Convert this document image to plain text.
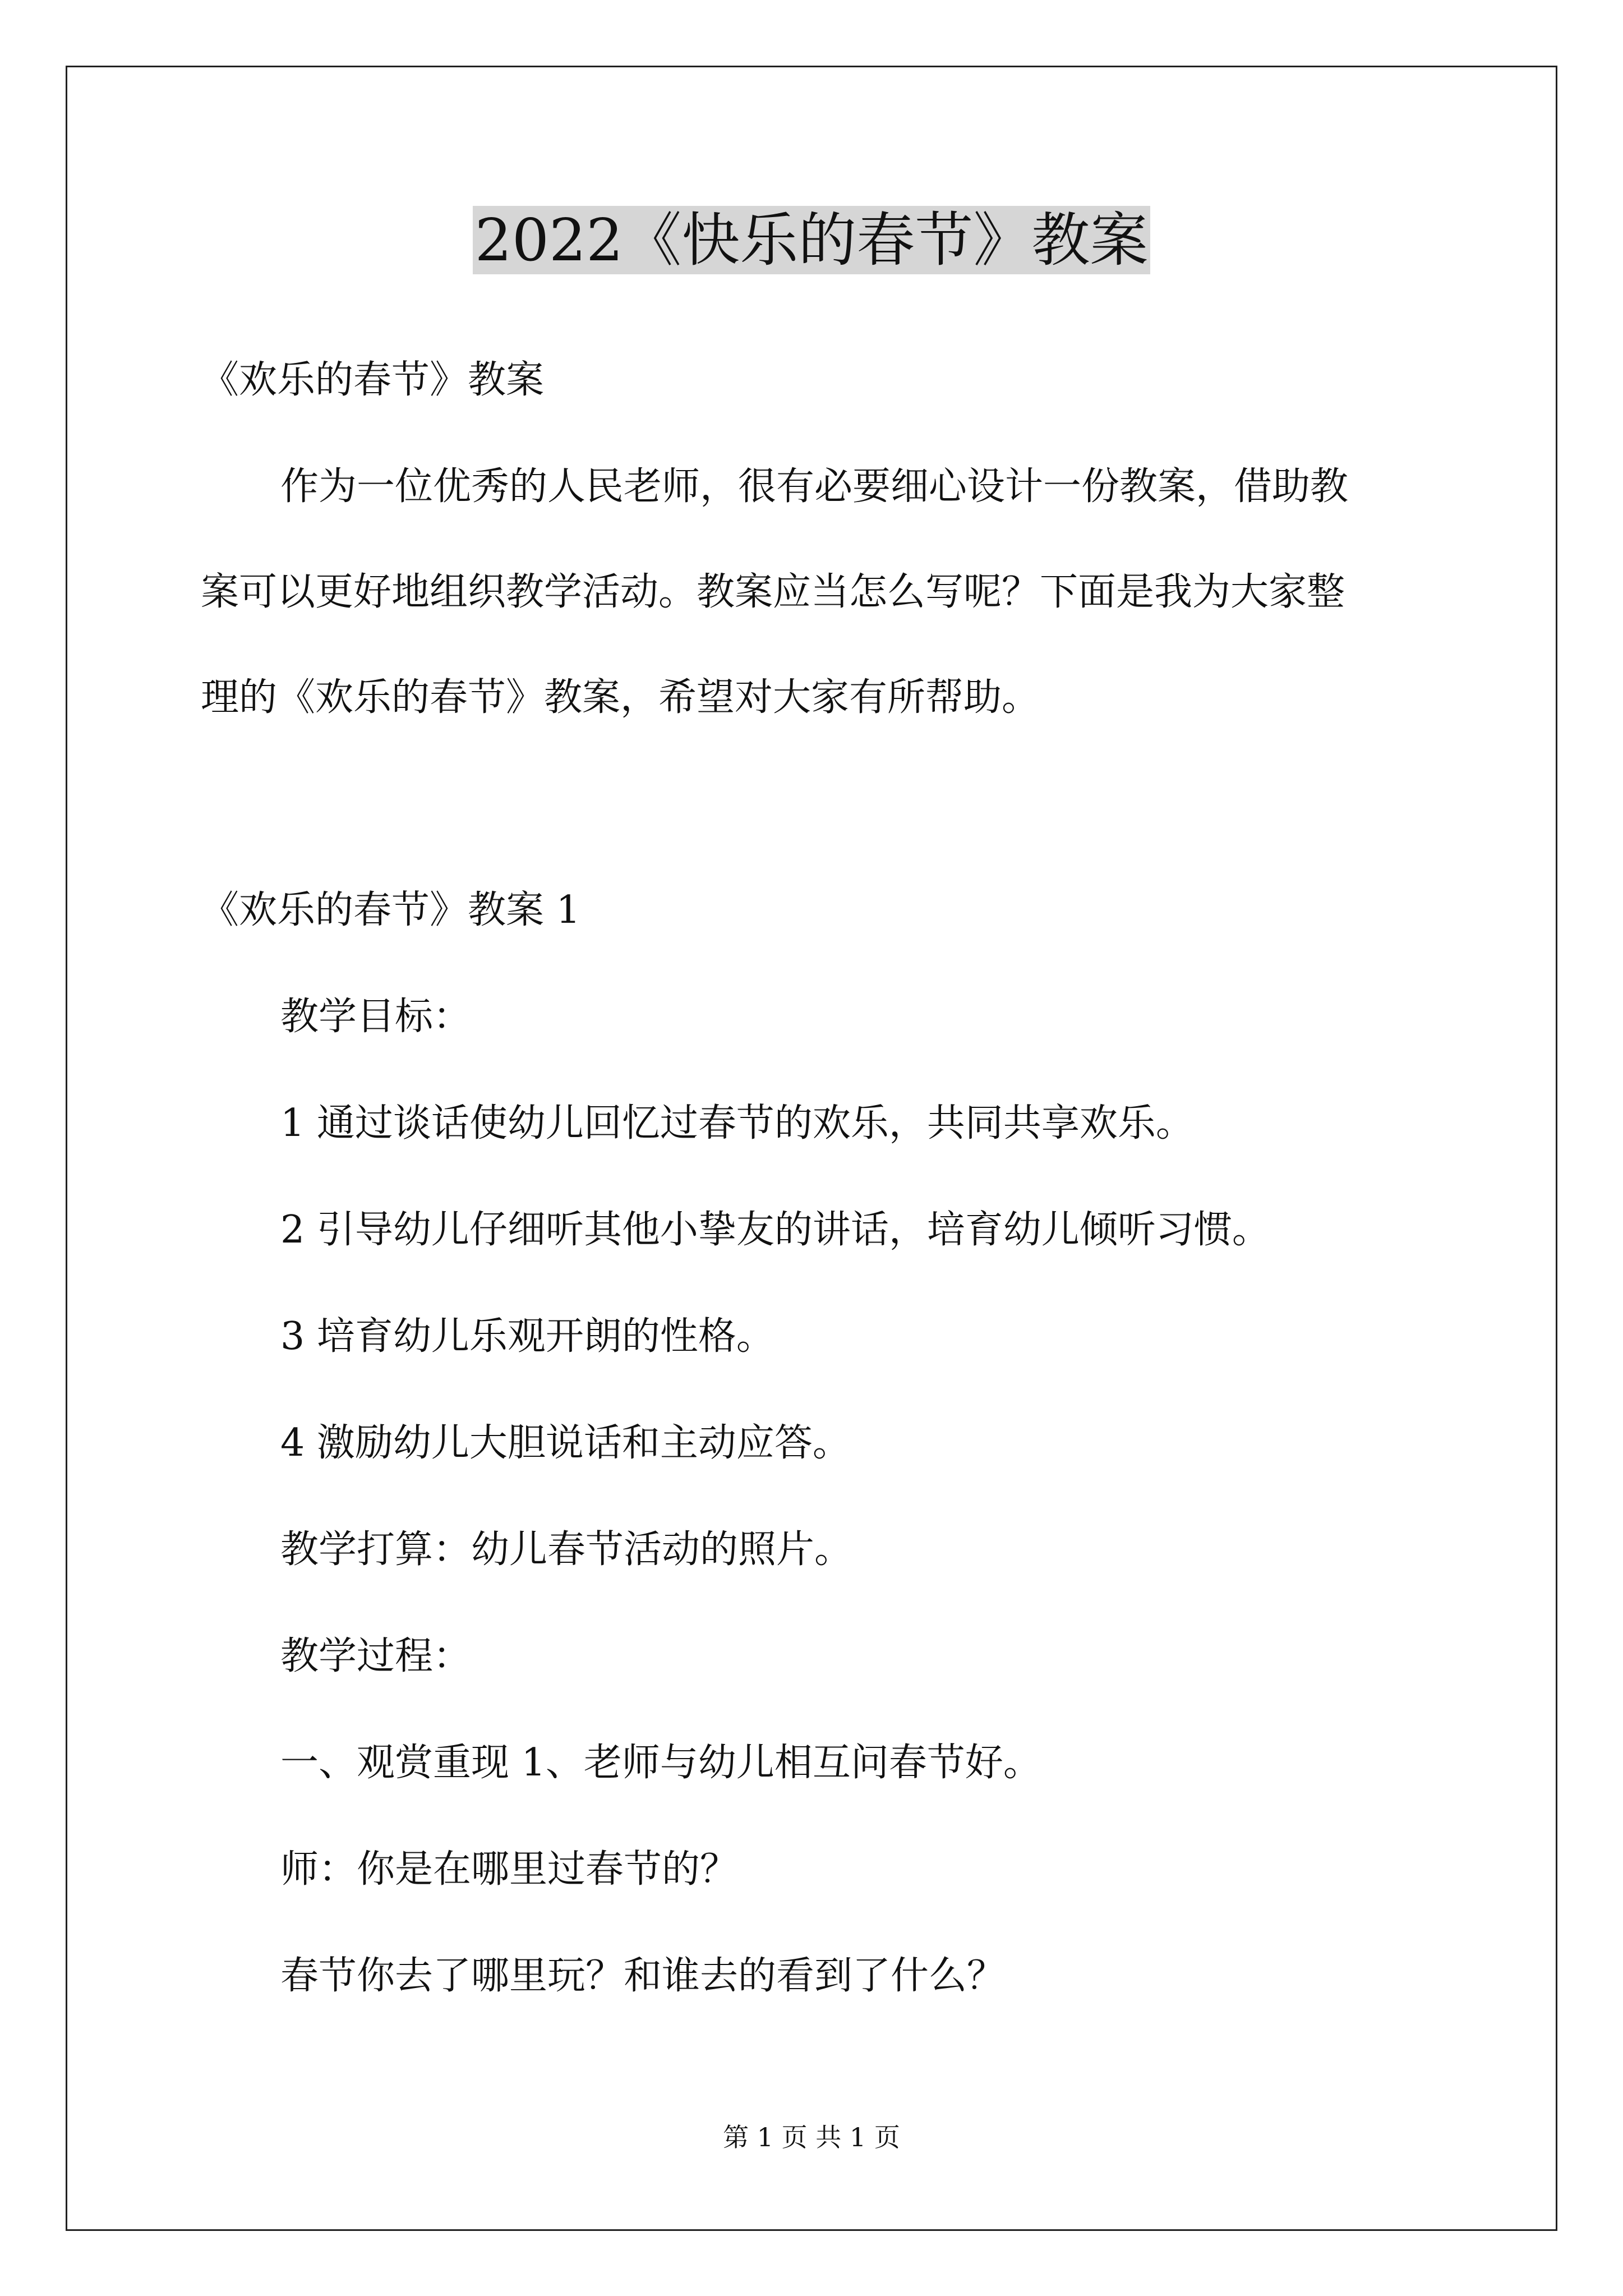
2022《快乐的春节》教案
《欢乐的春节》教案
作为一位优秀的人民老师，很有必要细心设计一份教案，借助教
案可以更好地组织教学活动。教案应当怎么写呢？下面是我为大家整
理的《欢乐的春节》教案，希望对大家有所帮助。
《欢乐的春节》教案 1
教学目标：
1 通过谈话使幼儿回忆过春节的欢乐，共同共享欢乐。
2 引导幼儿仔细听其他小挚友的讲话，培育幼儿倾听习惯。
3 培育幼儿乐观开朗的性格。
4 激励幼儿大胆说话和主动应答。
教学打算：幼儿春节活动的照片。
教学过程：
一、观赏重现 1、老师与幼儿相互问春节好。
师：你是在哪里过春节的？
春节你去了哪里玩？和谁去的看到了什么？
第 1 页 共 1 页
